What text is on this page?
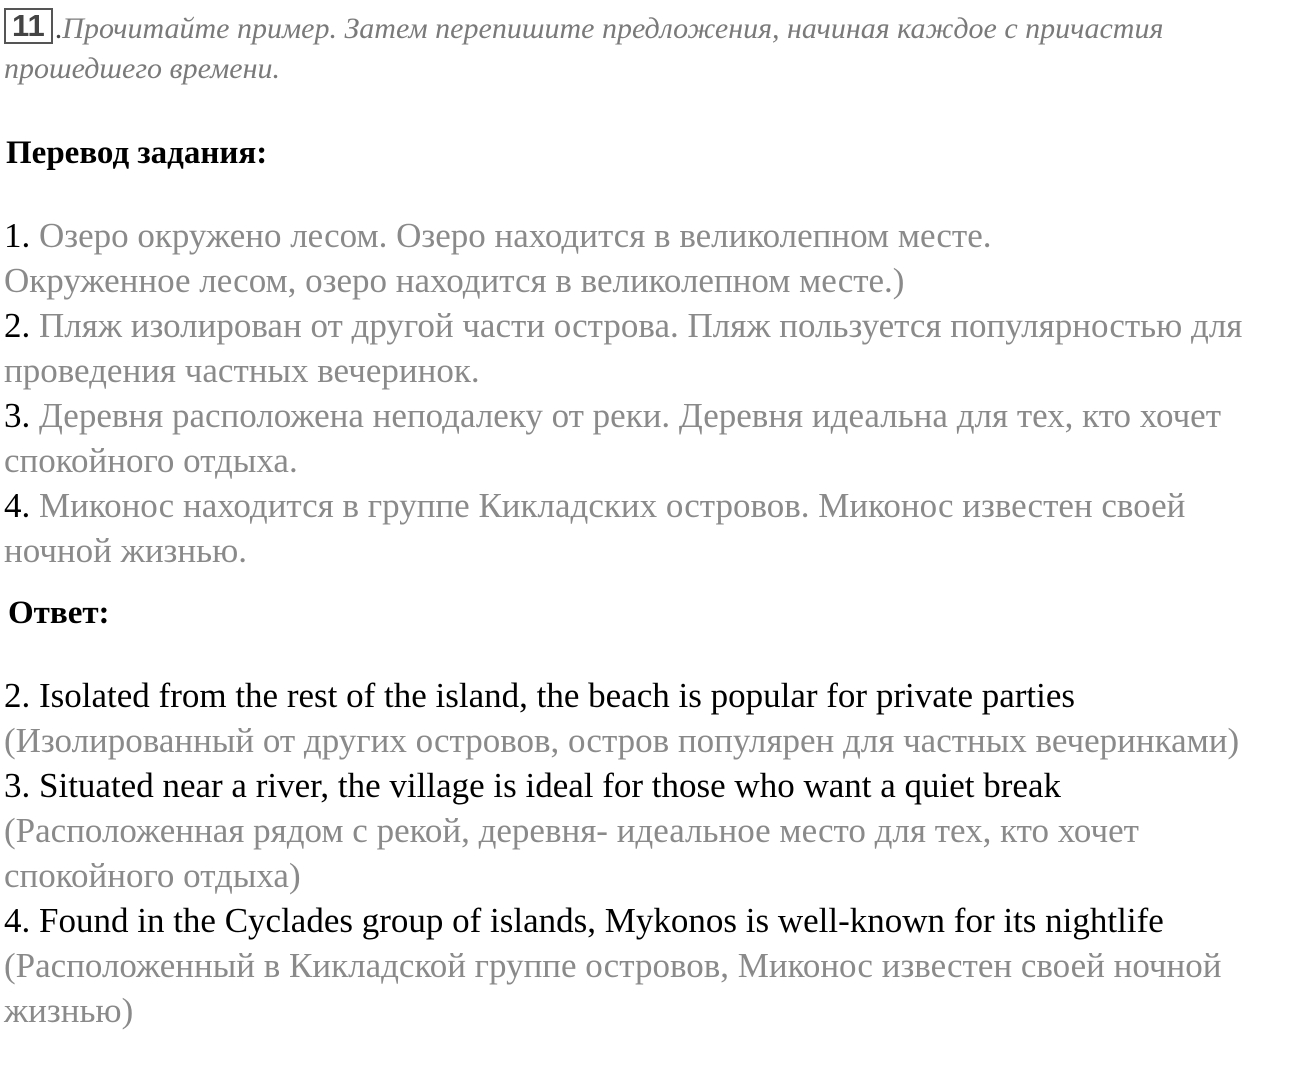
11 .Прочитайте пример. Затем перепишите предложения, начиная каждое с причастия прошедшего времени.
Перевод задания:

1. Озеро окружено лесом. Озеро находится в великолепном месте.
Окруженное лесом, озеро находится в великолепном месте.)

2. Пляж изолирован от другой части острова. Пляж пользуется популярностью для проведения частных вечеринок.

3. Деревня расположена неподалеку от реки. Деревня идеальна для тех, кто хочет спокойного отдыха.

4. Миконос находится в группе Кикладских островов. Миконос известен своей ночной жизнью.

Ответ:

2. Isolated from the rest of the island, the beach is popular for private parties
(Изолированный от других островов, остров популярен для частных вечеринками)

3. Situated near a river, the village is ideal for those who want a quiet break
(Расположенная рядом с рекой, деревня- идеальное место для тех, кто хочет спокойного отдыха)

4. Found in the Cyclades group of islands, Mykonos is well-known for its nightlife
(Расположенный в Кикладской группе островов, Миконос известен своей ночной жизнью)
